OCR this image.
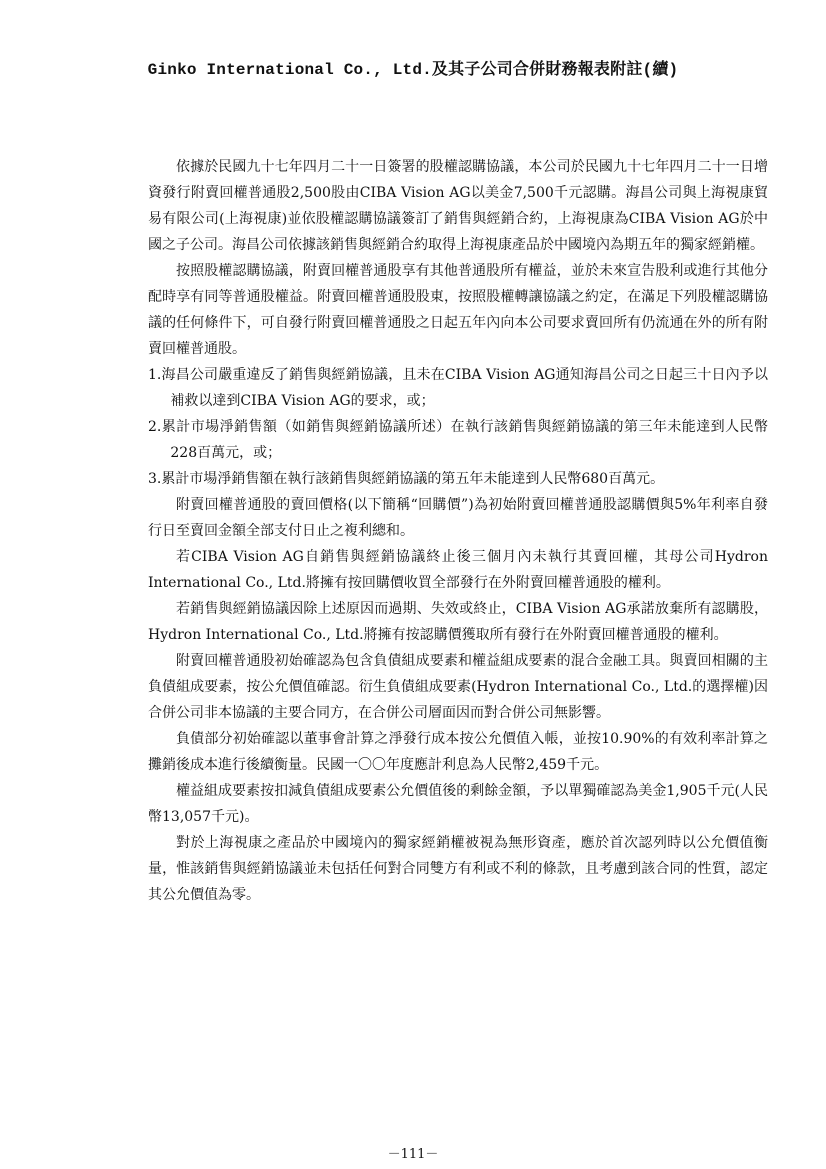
Ginko International Co., Ltd.及其子公司合併財務報表附註(續)

依據於民國九十七年四月二十一日簽署的股權認購協議，本公司於民國九十七年四月二十一日增資發行附賣回權普通股2,500股由CIBA Vision AG以美金7,500千元認購。海昌公司與上海視康貿易有限公司(上海視康)並依股權認購協議簽訂了銷售與經銷合約，上海視康為CIBA Vision AG於中國之子公司。海昌公司依據該銷售與經銷合約取得上海視康產品於中國境內為期五年的獨家經銷權。

按照股權認購協議，附賣回權普通股享有其他普通股所有權益，並於未來宣告股利或進行其他分配時享有同等普通股權益。附賣回權普通股股東，按照股權轉讓協議之約定，在滿足下列股權認購協議的任何條件下，可自發行附賣回權普通股之日起五年內向本公司要求賣回所有仍流通在外的所有附賣回權普通股。

1.海昌公司嚴重違反了銷售與經銷協議，且未在CIBA Vision AG通知海昌公司之日起三十日內予以補救以達到CIBA Vision AG的要求，或；
2.累計市場淨銷售額（如銷售與經銷協議所述）在執行該銷售與經銷協議的第三年未能達到人民幣228百萬元，或；
3.累計市場淨銷售額在執行該銷售與經銷協議的第五年未能達到人民幣680百萬元。

附賣回權普通股的賣回價格(以下簡稱“回購價”)為初始附賣回權普通股認購價與5%年利率自發行日至賣回金額全部支付日止之複利總和。

若CIBA Vision AG自銷售與經銷協議終止後三個月內未執行其賣回權，其母公司Hydron International Co., Ltd.將擁有按回購價收買全部發行在外附賣回權普通股的權利。

若銷售與經銷協議因除上述原因而過期、失效或終止，CIBA Vision AG承諾放棄所有認購股，Hydron International Co., Ltd.將擁有按認購價獲取所有發行在外附賣回權普通股的權利。

附賣回權普通股初始確認為包含負債組成要素和權益組成要素的混合金融工具。與賣回相關的主負債組成要素，按公允價值確認。衍生負債組成要素(Hydron International Co., Ltd.的選擇權)因合併公司非本協議的主要合同方，在合併公司層面因而對合併公司無影響。

負債部分初始確認以董事會計算之淨發行成本按公允價值入帳，並按10.90%的有效利率計算之攤銷後成本進行後續衡量。民國一〇〇年度應計利息為人民幣2,459千元。

權益組成要素按扣減負債組成要素公允價值後的剩餘金額，予以單獨確認為美金1,905千元(人民幣13,057千元)。

對於上海視康之產品於中國境內的獨家經銷權被視為無形資產，應於首次認列時以公允價值衡量，惟該銷售與經銷協議並未包括任何對合同雙方有利或不利的條款，且考慮到該合同的性質，認定其公允價值為零。

－111－
